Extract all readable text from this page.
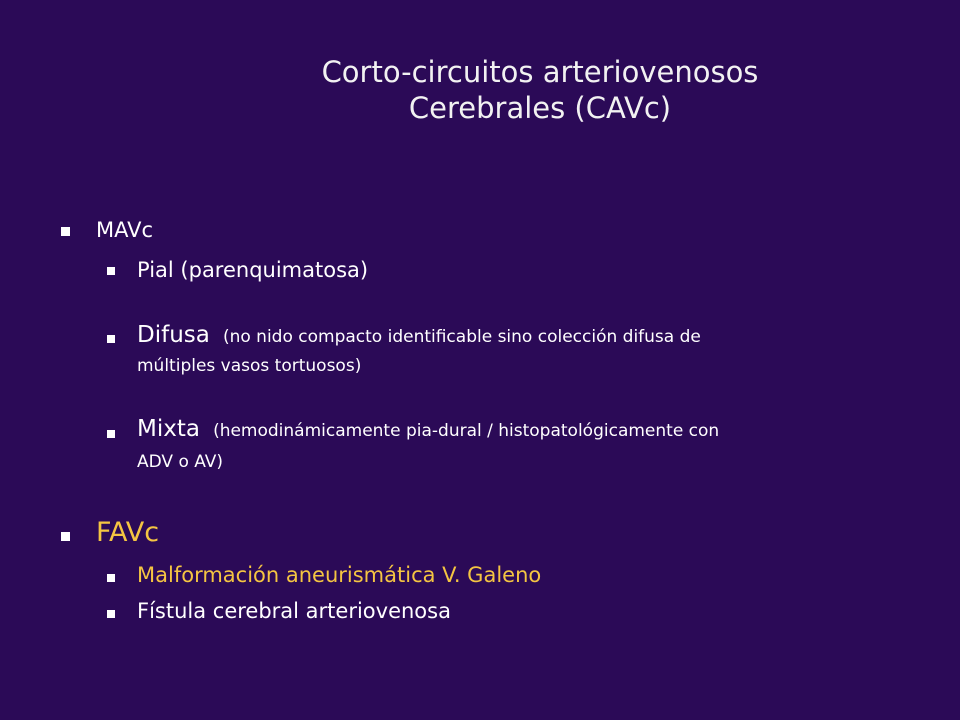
Corto-circuitos arteriovenosos
Cerebrales (CAVc)
MAVc
Pial (parenquimatosa)
Difusa (no nido compacto identificable sino colección difusa de
múltiples vasos tortuosos)
Mixta (hemodinámicamente pia-dural / histopatológicamente con
ADV o AV)
FAVc
Malformación aneurismática V. Galeno
Fístula cerebral arteriovenosa
